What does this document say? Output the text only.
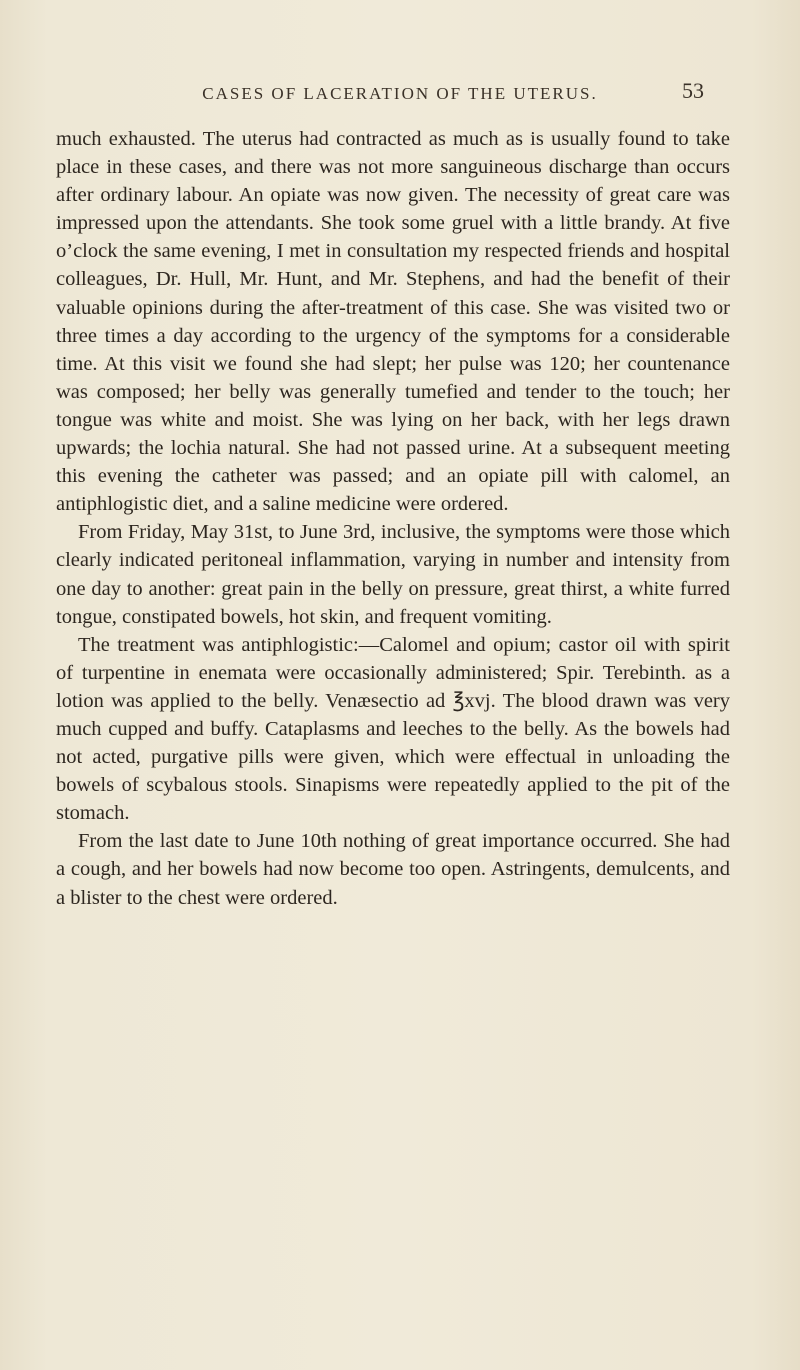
CASES OF LACERATION OF THE UTERUS.	53

much exhausted. The uterus had contracted as much as is usually found to take place in these cases, and there was not more sanguineous discharge than occurs after ordinary labour. An opiate was now given. The necessity of great care was impressed upon the attendants. She took some gruel with a little brandy. At five o’clock the same evening, I met in consultation my respected friends and hospital colleagues, Dr. Hull, Mr. Hunt, and Mr. Stephens, and had the benefit of their valuable opinions during the after-treatment of this case. She was visited two or three times a day according to the urgency of the symptoms for a considerable time. At this visit we found she had slept; her pulse was 120; her countenance was composed; her belly was generally tumefied and tender to the touch; her tongue was white and moist. She was lying on her back, with her legs drawn upwards; the lochia natural. She had not passed urine. At a subsequent meeting this evening the catheter was passed; and an opiate pill with calomel, an antiphlogistic diet, and a saline medicine were ordered.

From Friday, May 31st, to June 3rd, inclusive, the symptoms were those which clearly indicated peritoneal inflammation, varying in number and intensity from one day to another: great pain in the belly on pressure, great thirst, a white furred tongue, constipated bowels, hot skin, and frequent vomiting.

The treatment was antiphlogistic:—Calomel and opium; castor oil with spirit of turpentine in enemata were occasionally administered; Spir. Terebinth. as a lotion was applied to the belly. Venæsectio ad ℥xvj. The blood drawn was very much cupped and buffy. Cataplasms and leeches to the belly. As the bowels had not acted, purgative pills were given, which were effectual in unloading the bowels of scybalous stools. Sinapisms were repeatedly applied to the pit of the stomach.

From the last date to June 10th nothing of great importance occurred. She had a cough, and her bowels had now become too open. Astringents, demulcents, and a blister to the chest were ordered.
